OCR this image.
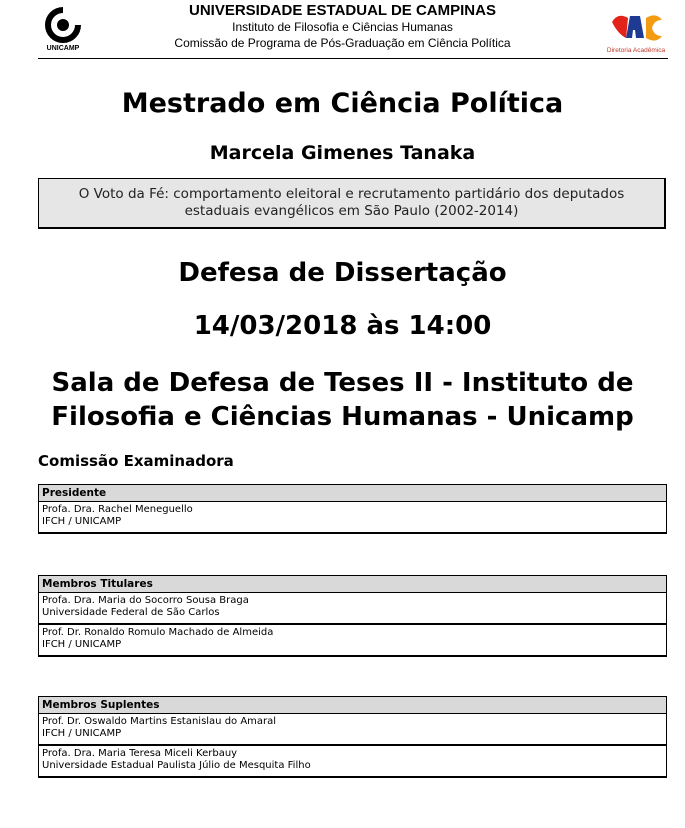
UNICAMP
UNIVERSIDADE ESTADUAL DE CAMPINAS
Instituto de Filosofia e Ciências Humanas
Comissão de Programa de Pós-Graduação em Ciência Política
Diretoria Acadêmica
Mestrado em Ciência Política
Marcela Gimenes Tanaka
O Voto da Fé: comportamento eleitoral e recrutamento partidário dos deputados estaduais evangélicos em São Paulo (2002-2014)
Defesa de Dissertação
14/03/2018 às 14:00
Sala de Defesa de Teses II - Instituto de Filosofia e Ciências Humanas - Unicamp
Comissão Examinadora
Presidente

Profa. Dra. Rachel Meneguello
IFCH / UNICAMP
Membros Titulares

Profa. Dra. Maria do Socorro Sousa Braga
Universidade Federal de São Carlos

Prof. Dr. Ronaldo Romulo Machado de Almeida
IFCH / UNICAMP
Membros Suplentes

Prof. Dr. Oswaldo Martins Estanislau do Amaral
IFCH / UNICAMP

Profa. Dra. Maria Teresa Miceli Kerbauy
Universidade Estadual Paulista Júlio de Mesquita Filho
